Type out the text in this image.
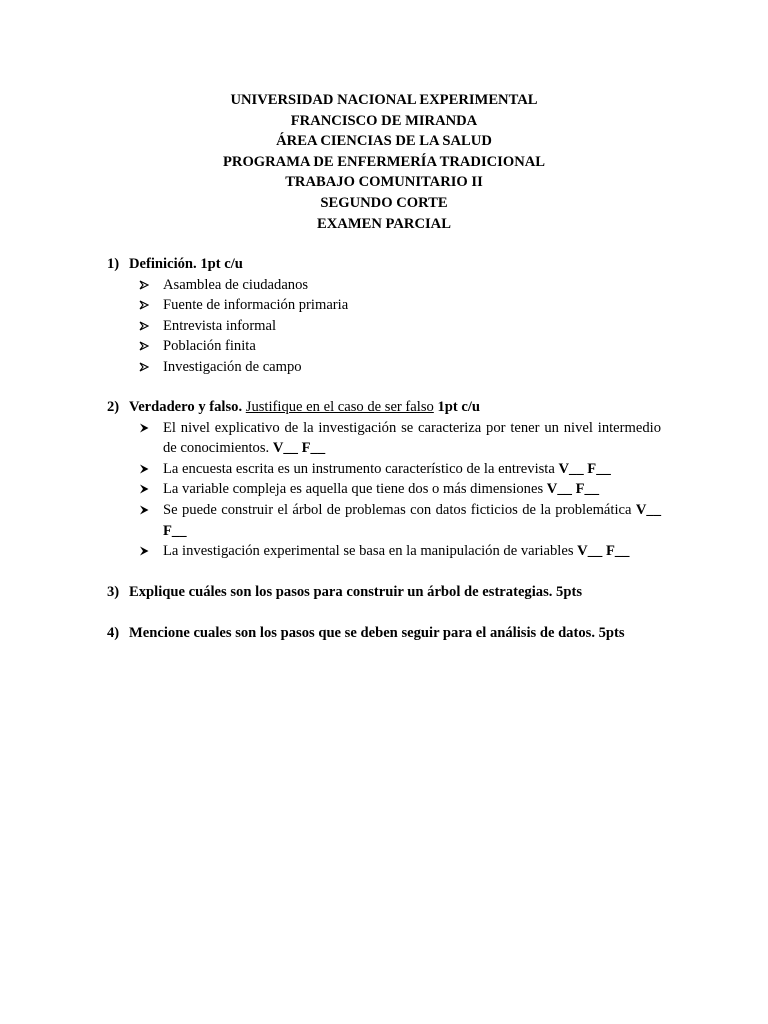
UNIVERSIDAD NACIONAL EXPERIMENTAL
FRANCISCO DE MIRANDA
ÁREA CIENCIAS DE LA SALUD
PROGRAMA DE ENFERMERÍA TRADICIONAL
TRABAJO COMUNITARIO II
SEGUNDO CORTE
EXAMEN PARCIAL
1) Definición. 1pt c/u
Asamblea de ciudadanos
Fuente de información primaria
Entrevista informal
Población finita
Investigación de campo
2) Verdadero y falso. Justifique en el caso de ser falso 1pt c/u
El nivel explicativo de la investigación se caracteriza por tener un nivel intermedio de conocimientos. V__ F__
La encuesta escrita es un instrumento característico de la entrevista V__ F__
La variable compleja es aquella que tiene dos o más dimensiones V__ F__
Se puede construir el árbol de problemas con datos ficticios de la problemática V__ F__
La investigación experimental se basa en la manipulación de variables V__ F__
3) Explique cuáles son los pasos para construir un árbol de estrategias. 5pts
4) Mencione cuales son los pasos que se deben seguir para el análisis de datos. 5pts
